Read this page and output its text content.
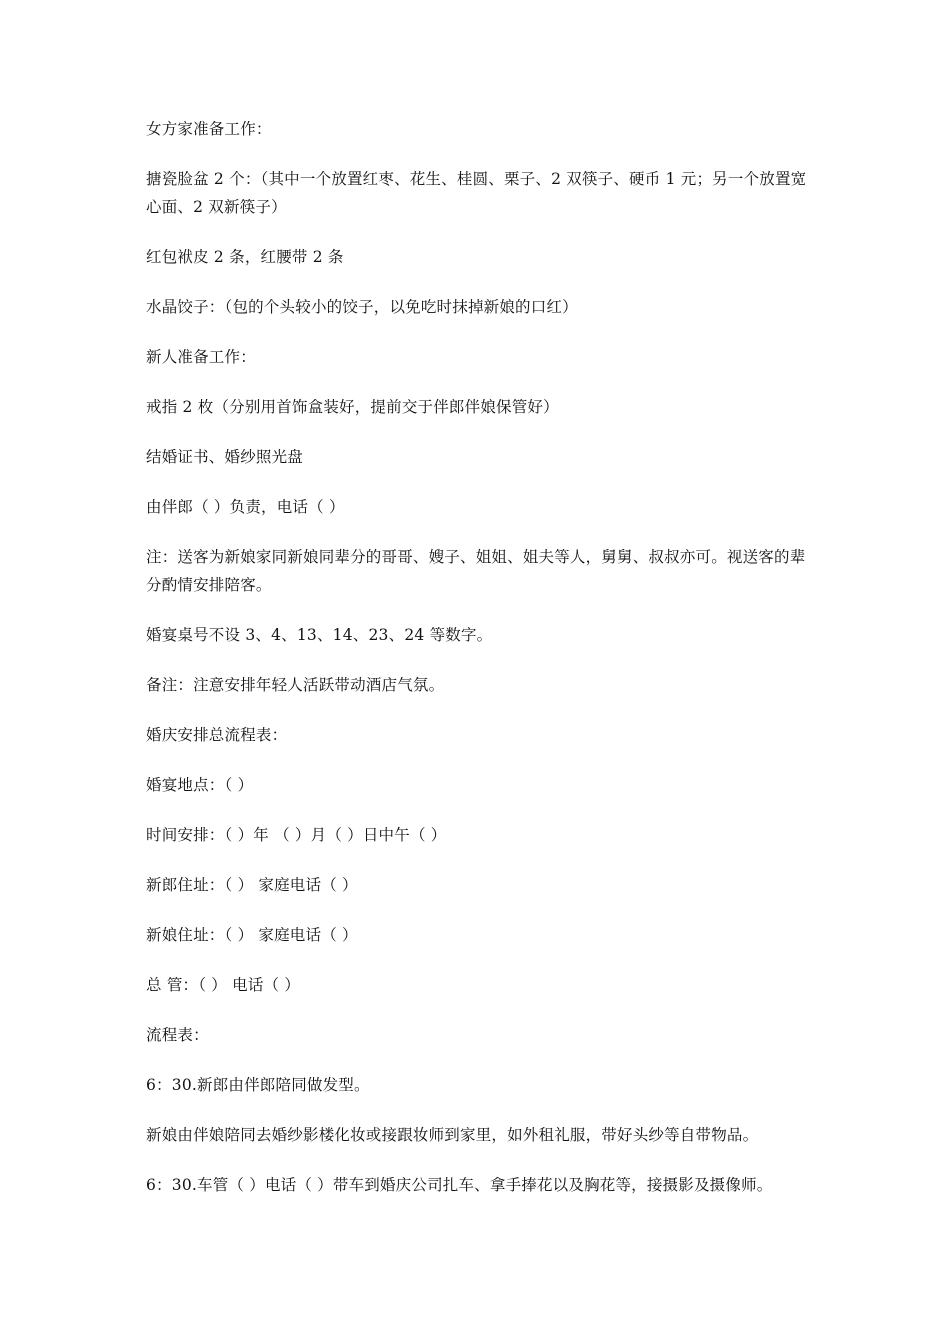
女方家准备工作：

搪瓷脸盆 2 个：（其中一个放置红枣、花生、桂圆、栗子、2 双筷子、硬币 1 元；另一个放置宽心面、2 双新筷子）

红包袱皮 2 条，红腰带 2 条

水晶饺子：（包的个头较小的饺子，以免吃时抹掉新娘的口红）

新人准备工作：

戒指 2 枚（分别用首饰盒装好，提前交于伴郎伴娘保管好）

结婚证书、婚纱照光盘

由伴郎（ ）负责，电话（ ）

注：送客为新娘家同新娘同辈分的哥哥、嫂子、姐姐、姐夫等人，舅舅、叔叔亦可。视送客的辈分酌情安排陪客。

婚宴桌号不设 3、4、13、14、23、24 等数字。

备注：注意安排年轻人活跃带动酒店气氛。

婚庆安排总流程表：

婚宴地点：（ ）

时间安排：（ ）年 （ ）月（ ）日中午（ ）

新郎住址：（ ） 家庭电话（ ）

新娘住址：（ ） 家庭电话（ ）

总 管：（ ） 电话（ ）

流程表：

6：30.新郎由伴郎陪同做发型。

新娘由伴娘陪同去婚纱影楼化妆或接跟妆师到家里，如外租礼服，带好头纱等自带物品。

6：30.车管（ ）电话（ ）带车到婚庆公司扎车、拿手捧花以及胸花等，接摄影及摄像师。
